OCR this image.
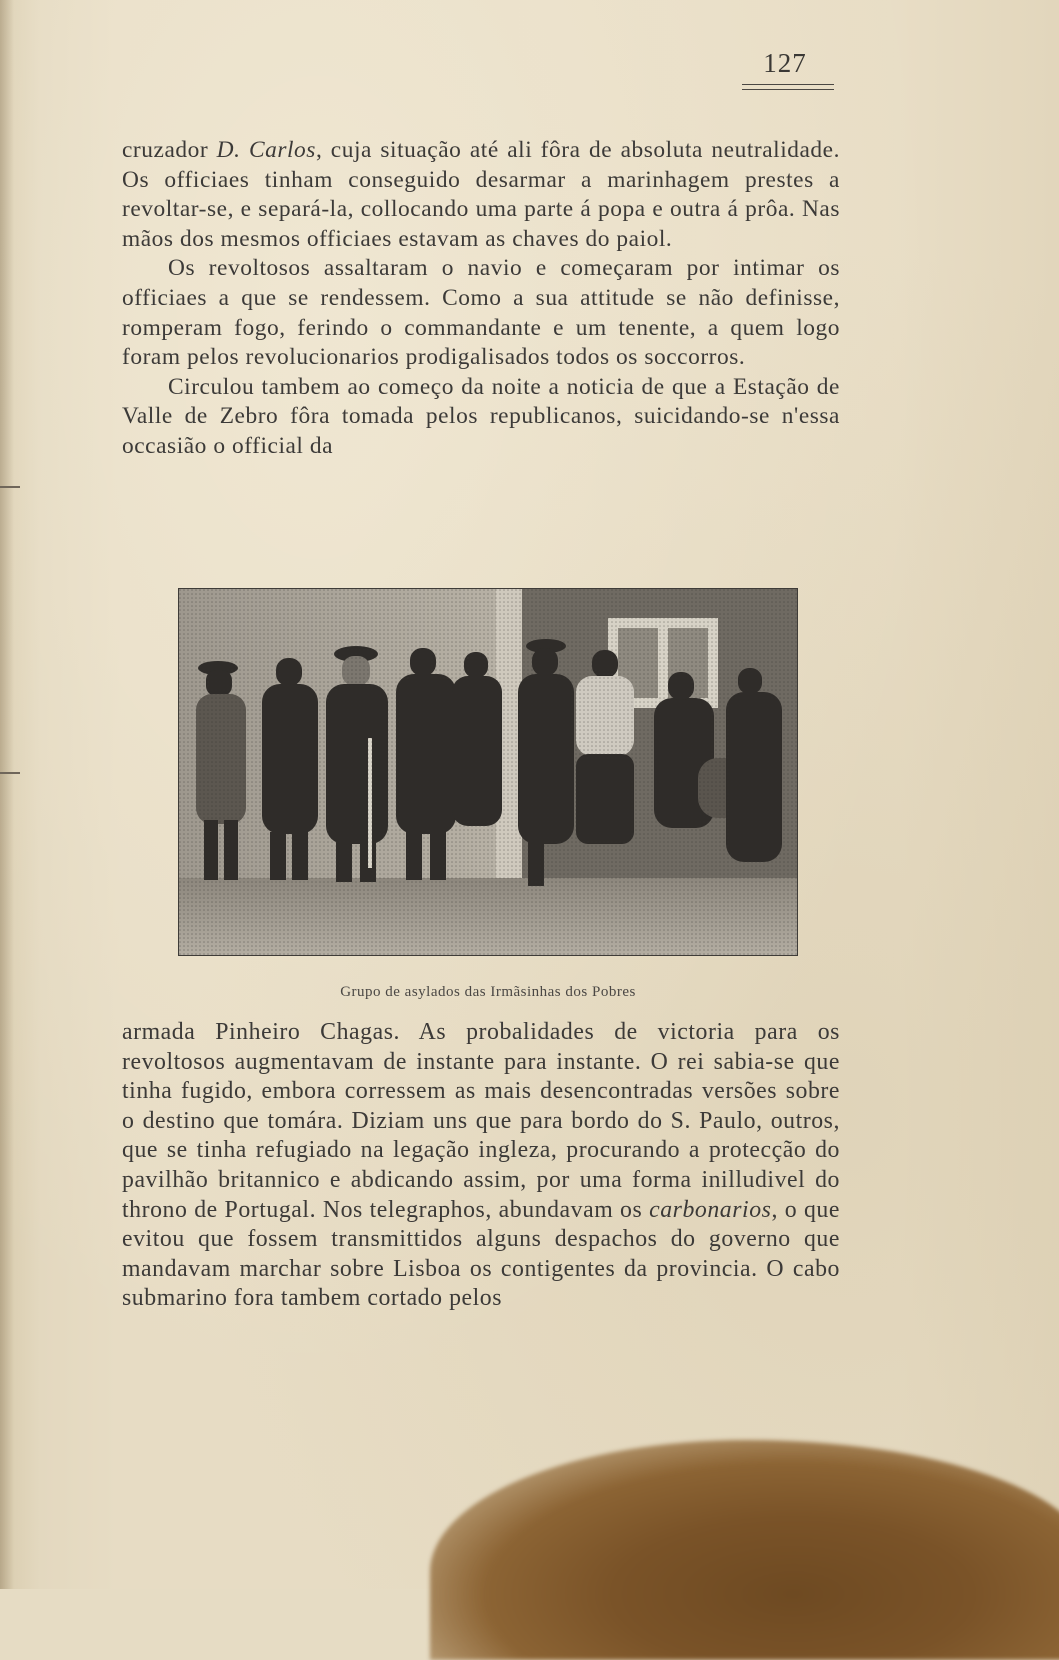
127

cruzador D. Carlos, cuja situação até ali fôra de absoluta neutralidade. Os officiaes tinham conseguido desarmar a marinhagem prestes a revoltar-se, e separá-la, collocando uma parte á popa e outra á prôa. Nas mãos dos mesmos officiaes estavam as chaves do paiol.

Os revoltosos assaltaram o navio e começaram por intimar os officiaes a que se rendessem. Como a sua attitude se não definisse, romperam fogo, ferindo o commandante e um tenente, a quem logo foram pelos revolucionarios prodigalisados todos os soccorros.

Circulou tambem ao começo da noite a noticia de que a Estação de Valle de Zebro fôra tomada pelos republicanos, suicidando-se n'essa occasião o official da

Grupo de asylados das Irmãsinhas dos Pobres

armada Pinheiro Chagas. As probalidades de victoria para os revoltosos augmentavam de instante para instante. O rei sabia-se que tinha fugido, embora corressem as mais desencontradas versões sobre o destino que tomára. Diziam uns que para bordo do S. Paulo, outros, que se tinha refugiado na legação ingleza, procurando a protecção do pavilhão britannico e abdicando assim, por uma forma inilludivel do throno de Portugal. Nos telegraphos, abundavam os carbonarios, o que evitou que fossem transmittidos alguns despachos do governo que mandavam marchar sobre Lisboa os contigentes da provincia. O cabo submarino fora tambem cortado pelos
